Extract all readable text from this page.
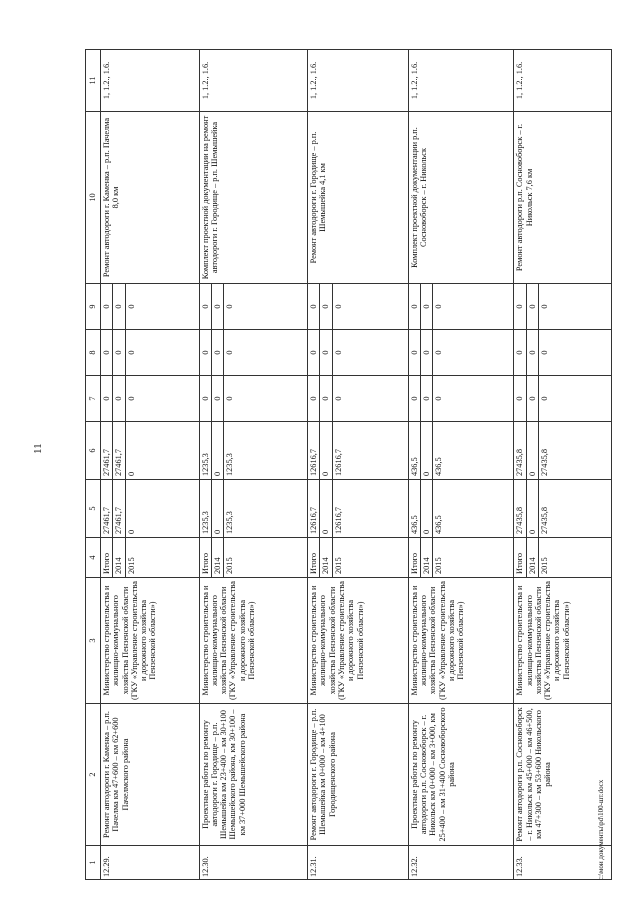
11
c:\мои документы\pd\100-шт.docx
1	2	3	4	5	6	7	8	9	10	11
12.29.	Ремонт автодороги г. Каменка – р.п. Пачелма км 47+600 – км 62+600 Пачелмского района	Министерство строительства и жилищно-коммунального хозяйства Пензенской области (ГКУ «Управление строительства и дорожного хозяйства Пензенской области»)	Итого	27461,7	27461,7	0	0	0	Ремонт автодороги г. Каменка – р.п. Пачелма 8,0 км	1, 1.2., 1.6.
			2014	27461,7	27461,7	0	0	0		
			2015	0	0	0	0	0		
12.30.	Проектные работы по ремонту автодороги г. Городище – р.п. Шемышейка км 23+400 – км 30+100 Шемышейского района, км 30+100 – км 37+000 Шемышейского района	Министерство строительства и жилищно-коммунального хозяйства Пензенской области (ГКУ «Управление строительства и дорожного хозяйства Пензенской области»)	Итого	1235,3	1235,3	0	0	0	Комплект проектной документации на ремонт автодороги г. Городище – р.п. Шемышейка	1, 1.2., 1.6.
			2014	0	0	0	0	0		
			2015	1235,3	1235,3	0	0	0		
12.31.	Ремонт автодороги г. Городище – р.п. Шемышейка км 0+000 – км 4+100 Городищенского района	Министерство строительства и жилищно-коммунального хозяйства Пензенской области (ГКУ «Управление строительства и дорожного хозяйства Пензенской области»)	Итого	12616,7	12616,7	0	0	0	Ремонт автодороги г. Городище – р.п. Шемышейка 4,1 км	1, 1.2., 1.6.
			2014	0	0	0	0	0		
			2015	12616,7	12616,7	0	0	0		
12.32.	Проектные работы по ремонту автодороги р.п. Сосновоборск – г. Никольск км 0+000 – км 3+000, км 25+400 – км 31+400 Сосновоборского района	Министерство строительства и жилищно-коммунального хозяйства Пензенской области (ГКУ «Управление строительства и дорожного хозяйства Пензенской области»)	Итого	436,5	436,5	0	0	0	Комплект проектной документации р.п. Сосновоборск – г. Никольск	1, 1.2., 1.6.
			2014	0	0	0	0	0		
			2015	436,5	436,5	0	0	0		
12.33.	Ремонт автодороги р.п. Сосновоборск – г. Никольск км 45+000 – км 46+500, км 47+300 – км 53+600 Никольского района	Министерство строительства и жилищно-коммунального хозяйства Пензенской области (ГКУ «Управление строительства и дорожного хозяйства Пензенской области»)	Итого	27435,8	27435,8	0	0	0	Ремонт автодороги р.п. Сосновоборск – г. Никольск 7,6 км	1, 1.2., 1.6.
			2014	0	0	0	0	0		
			2015	27435,8	27435,8	0	0	0		
